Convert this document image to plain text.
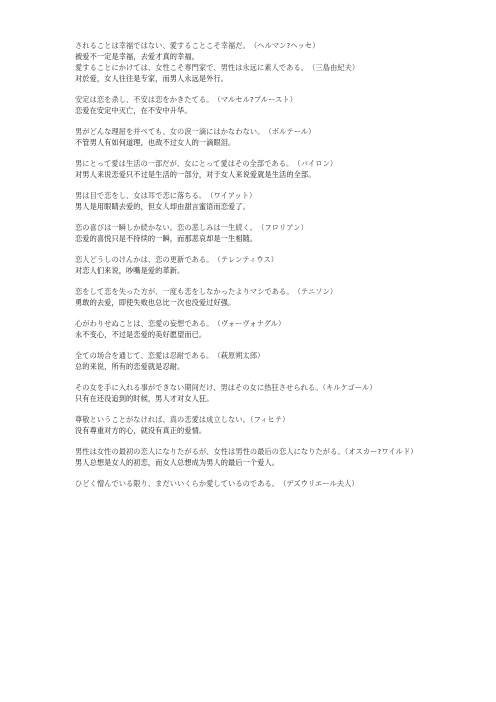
されることは幸福ではない、愛することこそ幸福だ。　（ヘルマン?ヘッセ）
被爱不一定是幸福，去爱才真的幸福。
愛することにかけては、女性こそ専門家で、男性は永远に素人である。　（三島由紀夫）
对於爱，女人往往是专家，而男人永远是外行。
安定は恋を杀し、不安は恋をかきたてる。　（マルセル?プルースト）
恋爱在安定中灭亡，在不安中升华。
男がどんな理屈を并べても、女の涙一滴にはかなわない。　（ボルテール）
不管男人有如何道理，也敌不过女人的一滴眼泪。
男にとって愛は生活の一部だが、女にとって愛はその全部である。　（バイロン）
对男人来说恋爱只不过是生活的一部分，对于女人来说爱就是生活的全部。
男は目で恋をし、女は耳で恋に落ちる。　（ワイアット）
男人是用眼睛去爱的，但女人却由甜言蜜语而恋爱了。
恋の喜びは一瞬しか続かない。恋の悲しみは一生続く。　（フロリアン）
恋爱的喜悦只是不持续的一瞬，而那悲哀却是一生相随。
恋人どうしのけんかは、恋の更新である。　（テレンティウス）
对恋人们来说，吵嘴是爱的革新。
恋をして恋を失った方が、一度も恋をしなかったよりマシである。　（テニソン）
勇敢的去爱，即使失败也总比一次也没爱过好强。
心がわりせぬことは、恋愛の妄想である。　（ヴォーヴォナグル）
永不变心，不过是恋爱的美好愿望而已。
全ての场合を通じて、恋愛は忍耐である。　（萩原朔太郎）
总的来说，所有的恋爱就是忍耐。
その女を手に入れる事ができない期间だけ、男はその女に热狂させられる。（キルケゴール）
只有在还没追到的时候，男人才对女人狂。
尊敬ということがなければ、真の恋愛は成立しない。（フィヒテ）
没有尊重对方的心，就没有真正的爱情。
男性は女性の最初の恋人になりたがるが、女性は男性の最后の恋人になりたがる。（オスカー?ワイルド）
男人总想是女人的初恋，而女人总想成为男人的最后一个爱人。
ひどく憎んでいる限り、まだいいくらか愛しているのである。　（デズウリエール夫人）
